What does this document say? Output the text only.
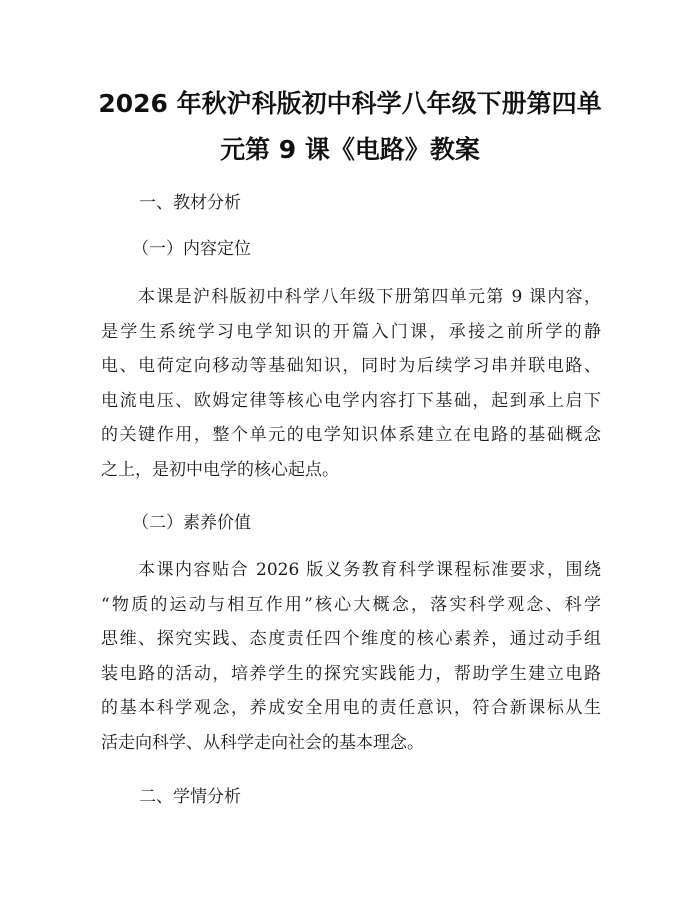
2026 年秋沪科版初中科学八年级下册第四单
元第 9 课《电路》教案
一、教材分析
（一）内容定位
本课是沪科版初中科学八年级下册第四单元第 9 课内容，
是学生系统学习电学知识的开篇入门课，承接之前所学的静
电、电荷定向移动等基础知识，同时为后续学习串并联电路、
电流电压、欧姆定律等核心电学内容打下基础，起到承上启下
的关键作用，整个单元的电学知识体系建立在电路的基础概念
之上，是初中电学的核心起点。
（二）素养价值
本课内容贴合 2026 版义务教育科学课程标准要求，围绕
“物质的运动与相互作用”核心大概念，落实科学观念、科学
思维、探究实践、态度责任四个维度的核心素养，通过动手组
装电路的活动，培养学生的探究实践能力，帮助学生建立电路
的基本科学观念，养成安全用电的责任意识，符合新课标从生
活走向科学、从科学走向社会的基本理念。
二、学情分析
